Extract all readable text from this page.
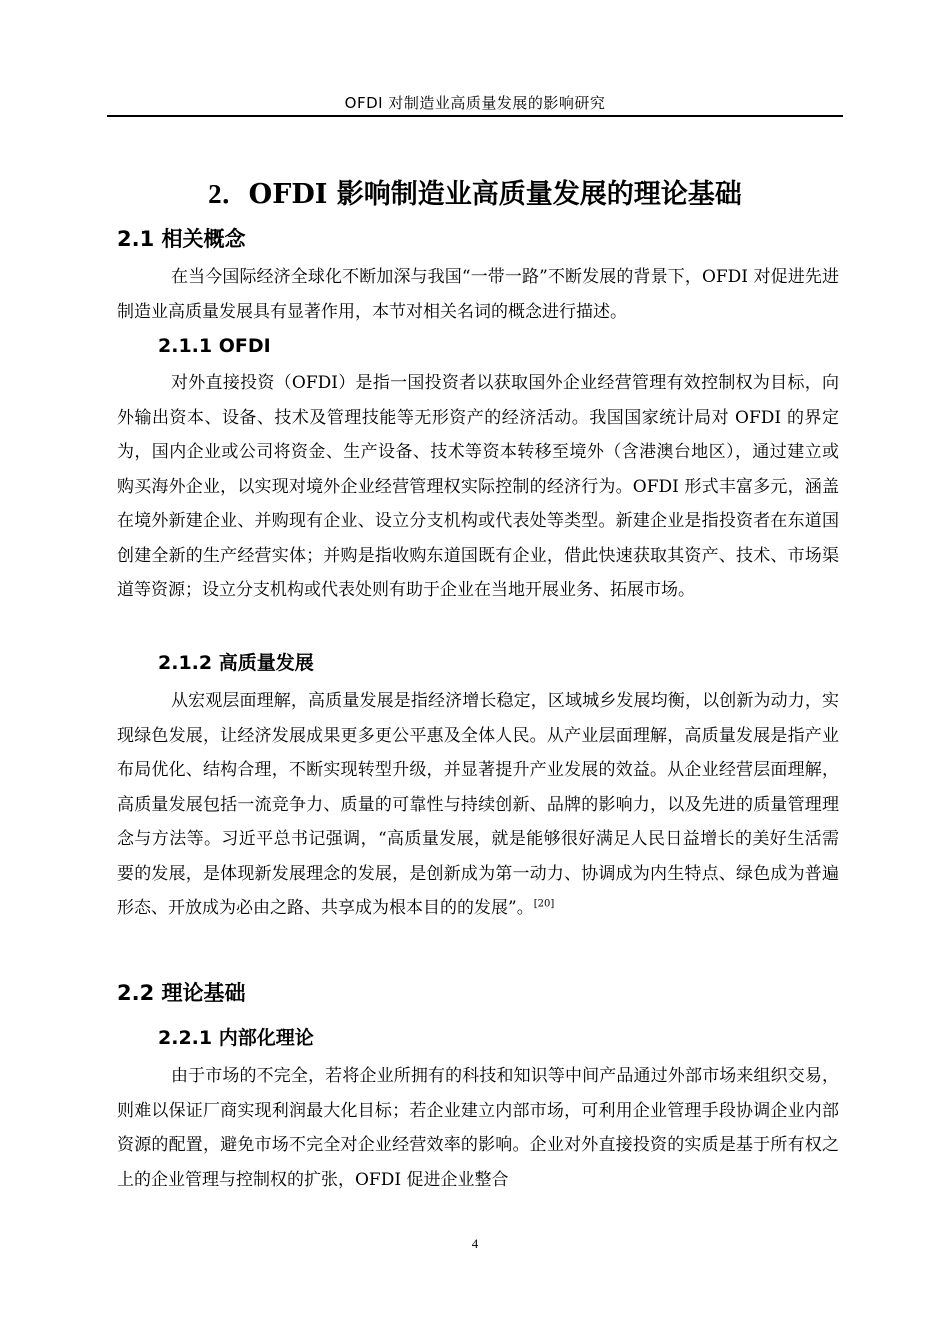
OFDI 对制造业高质量发展的影响研究
2．OFDI 影响制造业高质量发展的理论基础
2.1 相关概念

在当今国际经济全球化不断加深与我国“一带一路”不断发展的背景下，OFDI 对促进先进制造业高质量发展具有显著作用，本节对相关名词的概念进行描述。

2.1.1 OFDI

对外直接投资（OFDI）是指一国投资者以获取国外企业经营管理有效控制权为目标，向外输出资本、设备、技术及管理技能等无形资产的经济活动。我国国家统计局对 OFDI 的界定为，国内企业或公司将资金、生产设备、技术等资本转移至境外（含港澳台地区），通过建立或购买海外企业，以实现对境外企业经营管理权实际控制的经济行为。OFDI 形式丰富多元，涵盖在境外新建企业、并购现有企业、设立分支机构或代表处等类型。新建企业是指投资者在东道国创建全新的生产经营实体；并购是指收购东道国既有企业，借此快速获取其资产、技术、市场渠道等资源；设立分支机构或代表处则有助于企业在当地开展业务、拓展市场。

2.1.2 高质量发展

从宏观层面理解，高质量发展是指经济增长稳定，区域城乡发展均衡，以创新为动力，实现绿色发展，让经济发展成果更多更公平惠及全体人民。从产业层面理解，高质量发展是指产业布局优化、结构合理，不断实现转型升级，并显著提升产业发展的效益。从企业经营层面理解，高质量发展包括一流竞争力、质量的可靠性与持续创新、品牌的影响力，以及先进的质量管理理念与方法等。习近平总书记强调，“高质量发展，就是能够很好满足人民日益增长的美好生活需要的发展，是体现新发展理念的发展，是创新成为第一动力、协调成为内生特点、绿色成为普遍形态、开放成为必由之路、共享成为根本目的的发展”。[20]

2.2 理论基础
2.2.1 内部化理论

由于市场的不完全，若将企业所拥有的科技和知识等中间产品通过外部市场来组织交易，则难以保证厂商实现利润最大化目标；若企业建立内部市场，可利用企业管理手段协调企业内部资源的配置，避免市场不完全对企业经营效率的影响。企业对外直接投资的实质是基于所有权之上的企业管理与控制权的扩张，OFDI 促进企业整合

4
